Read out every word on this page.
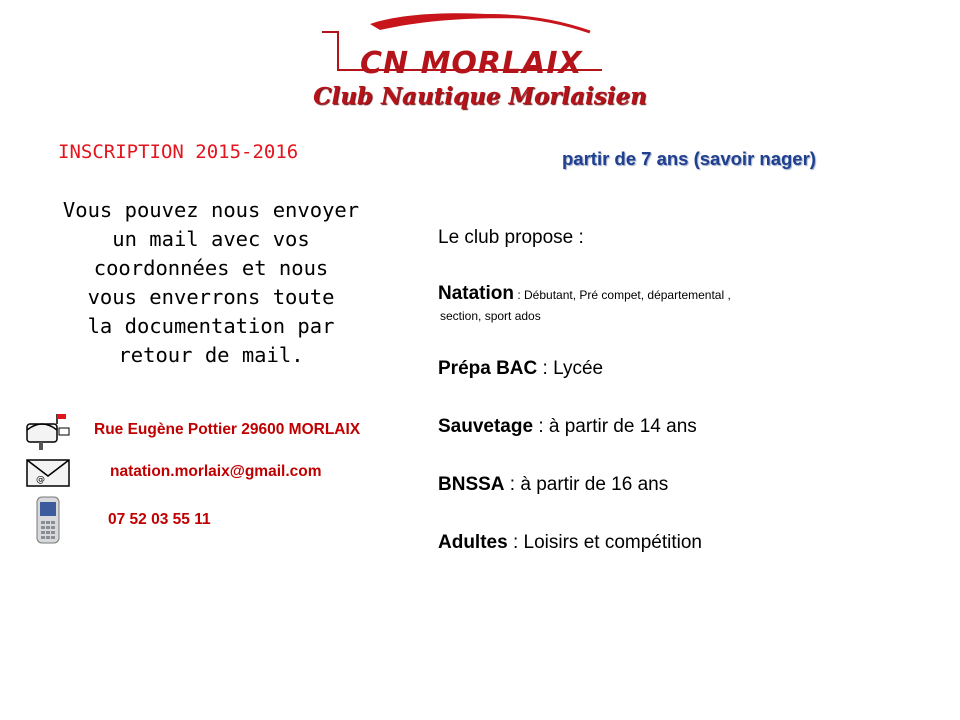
CN MORLAIX
Club Nautique Morlaisien
INSCRIPTION 2015-2016
Vous pouvez nous envoyer
un mail avec vos
coordonnées et nous
vous enverrons toute
la documentation par
retour de mail.
Rue Eugène Pottier 29600 MORLAIX
@	natation.morlaix@gmail.com
07 52 03 55 11
partir de 7 ans (savoir nager)
Le club propose :
Natation : Débutant, Pré compet, départemental ,
section, sport ados
Prépa BAC : Lycée
Sauvetage : à partir de 14 ans
BNSSA : à partir de 16 ans
Adultes : Loisirs et compétition
